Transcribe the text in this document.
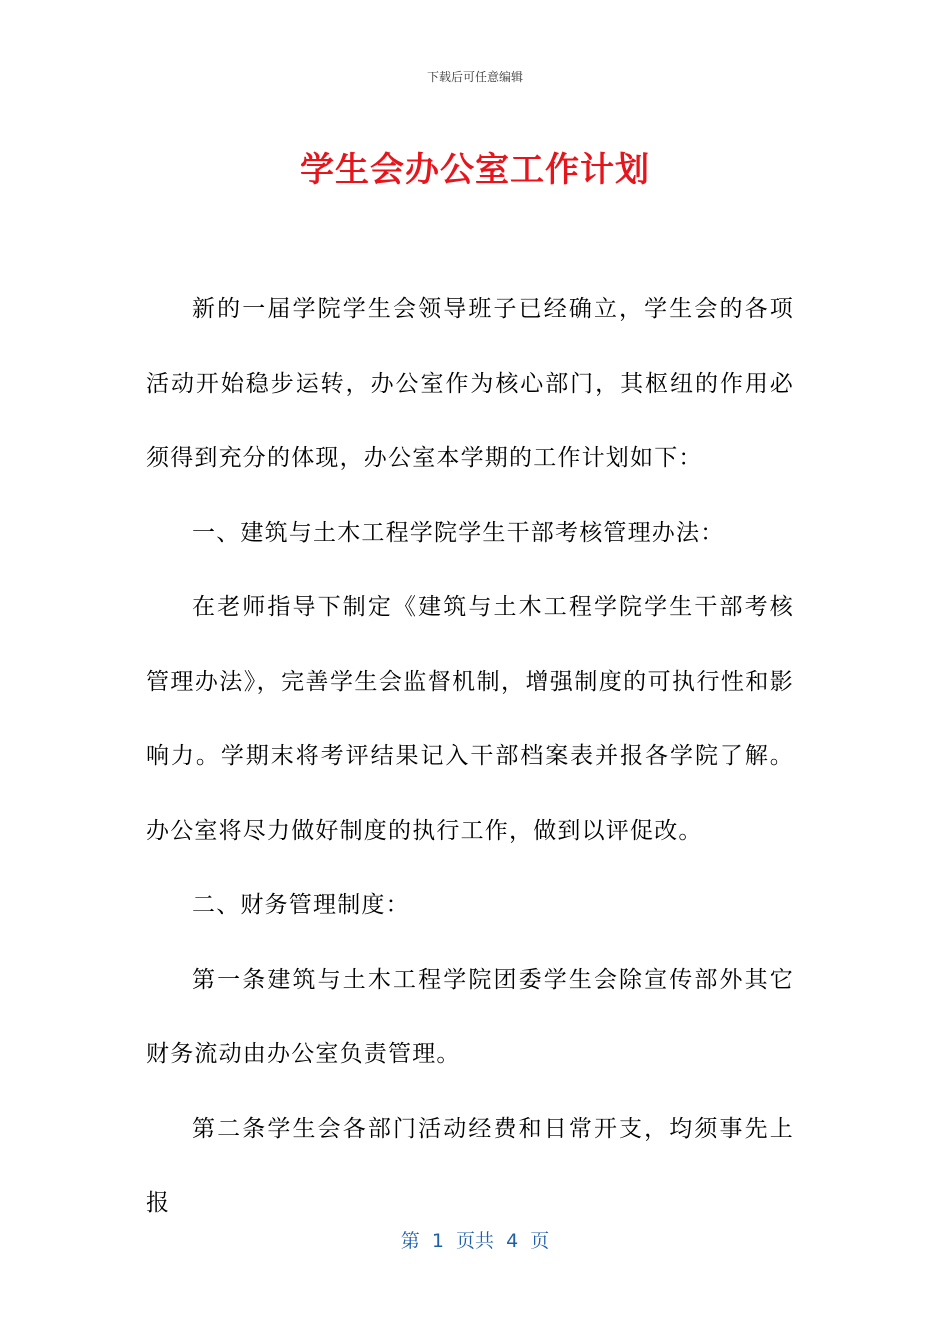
下载后可任意编辑
学生会办公室工作计划

新的一届学院学生会领导班子已经确立，学生会的各项活动开始稳步运转，办公室作为核心部门，其枢纽的作用必须得到充分的体现，办公室本学期的工作计划如下：

一、建筑与土木工程学院学生干部考核管理办法：

在老师指导下制定《建筑与土木工程学院学生干部考核管理办法》，完善学生会监督机制，增强制度的可执行性和影响力。学期末将考评结果记入干部档案表并报各学院了解。办公室将尽力做好制度的执行工作，做到以评促改。

二、财务管理制度：

第一条建筑与土木工程学院团委学生会除宣传部外其它财务流动由办公室负责管理。

第二条学生会各部门活动经费和日常开支，均须事先上报

第  1  页共  4  页
